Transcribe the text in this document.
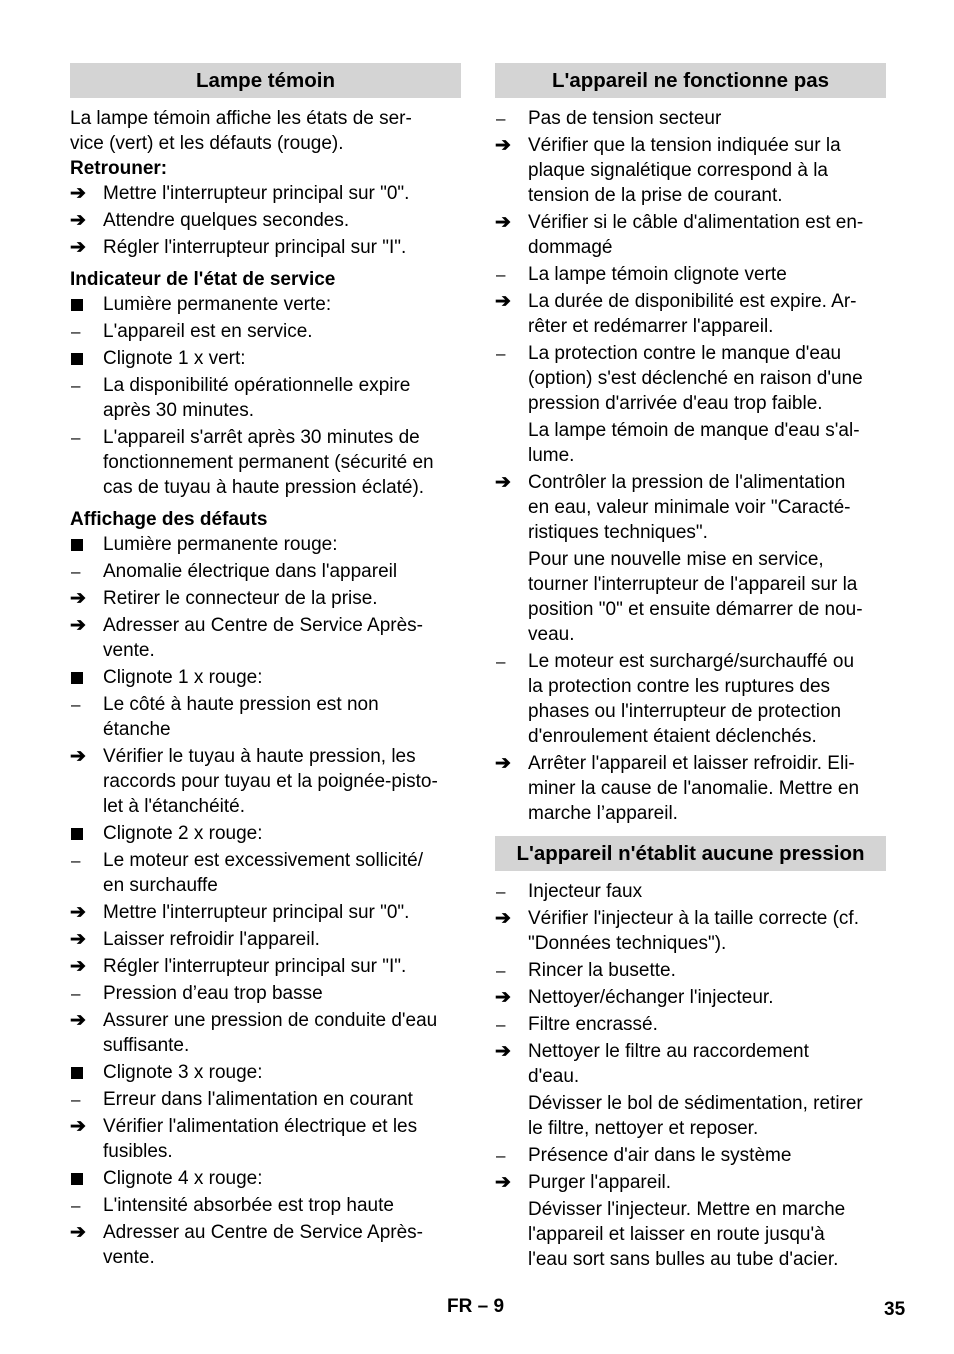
Lampe témoin
La lampe témoin affiche les états de ser-
vice (vert) et les défauts (rouge).
Retrouner:
➔ Mettre l'interrupteur principal sur "0".
➔ Attendre quelques secondes.
➔ Régler l'interrupteur principal sur "I".
Indicateur de l'état de service
Lumière permanente verte:
–	L'appareil est en service.
Clignote 1 x vert:
–	La disponibilité opérationnelle expire
après 30 minutes.
–	L'appareil s'arrêt après 30 minutes de
fonctionnement permanent (sécurité en
cas de tuyau à haute pression éclaté).
Affichage des défauts
Lumière permanente rouge:
–	Anomalie électrique dans l'appareil
➔ Retirer le connecteur de la prise.
➔ Adresser au Centre de Service Après-
vente.
Clignote 1 x rouge:
–	Le côté à haute pression est non
étanche
➔ Vérifier le tuyau à haute pression, les
raccords pour tuyau et la poignée-pisto-
let à l'étanchéité.
Clignote 2 x rouge:
–	Le moteur est excessivement sollicité/
en surchauffe
➔ Mettre l'interrupteur principal sur "0".
➔ Laisser refroidir l'appareil.
➔ Régler l'interrupteur principal sur "I".
–	Pression d’eau trop basse
➔ Assurer une pression de conduite d'eau
suffisante.
Clignote 3 x rouge:
–	Erreur dans l'alimentation en courant
➔ Vérifier l'alimentation électrique et les
fusibles.
Clignote 4 x rouge:
–	L'intensité absorbée est trop haute
➔ Adresser au Centre de Service Après-
vente.
L'appareil ne fonctionne pas
–	Pas de tension secteur
➔ Vérifier que la tension indiquée sur la
plaque signalétique correspond à la
tension de la prise de courant.
➔ Vérifier si le câble d'alimentation est en-
dommagé
–	La lampe témoin clignote verte
➔ La durée de disponibilité est expire. Ar-
rêter et redémarrer l'appareil.
–	La protection contre le manque d'eau
(option) s'est déclenché en raison d'une
pression d'arrivée d'eau trop faible.
La lampe témoin de manque d'eau s'al-
lume.
➔ Contrôler la pression de l'alimentation
en eau, valeur minimale voir "Caracté-
ristiques techniques".
Pour une nouvelle mise en service,
tourner l'interrupteur de l'appareil sur la
position "0" et ensuite démarrer de nou-
veau.
–	Le moteur est surchargé/surchauffé ou
la protection contre les ruptures des
phases ou l'interrupteur de protection
d'enroulement étaient déclenchés.
➔ Arrêter l'appareil et laisser refroidir. Eli-
miner la cause de l'anomalie. Mettre en
marche l’appareil.
L'appareil n'établit aucune pression
–	Injecteur faux
➔ Vérifier l'injecteur à la taille correcte (cf.
"Données techniques").
–	Rincer la busette.
➔ Nettoyer/échanger l'injecteur.
–	Filtre encrassé.
➔ Nettoyer le filtre au raccordement
d'eau.
Dévisser le bol de sédimentation, retirer
le filtre, nettoyer et reposer.
–	Présence d'air dans le système
➔ Purger l'appareil.
Dévisser l'injecteur. Mettre en marche
l'appareil et laisser en route jusqu'à
l'eau sort sans bulles au tube d'acier.
FR – 9	35
